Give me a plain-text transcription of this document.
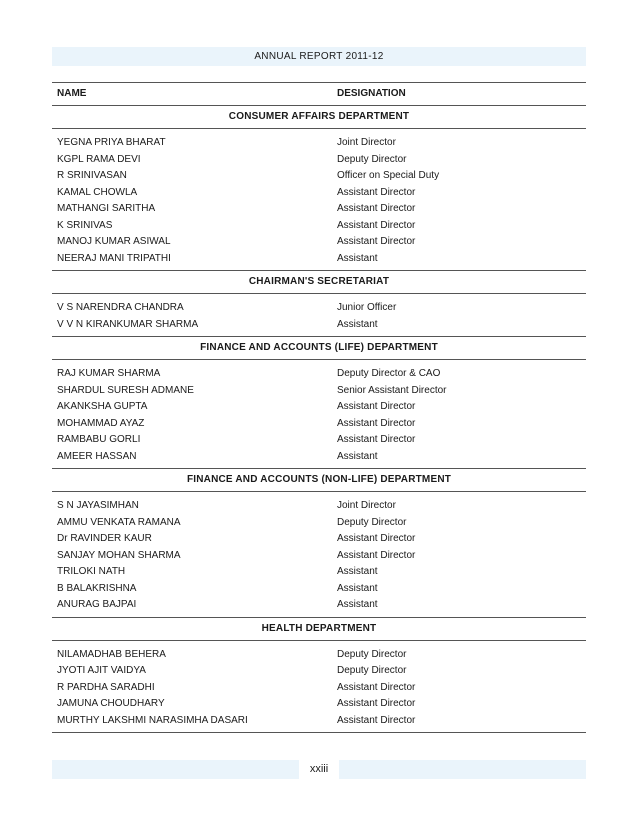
ANNUAL REPORT 2011-12
NAME	DESIGNATION
CONSUMER AFFAIRS DEPARTMENT
YEGNA PRIYA BHARAT	Joint Director
KGPL RAMA DEVI	Deputy Director
R SRINIVASAN	Officer on Special Duty
KAMAL CHOWLA	Assistant Director
MATHANGI SARITHA	Assistant Director
K SRINIVAS	Assistant Director
MANOJ KUMAR ASIWAL	Assistant Director
NEERAJ MANI TRIPATHI	Assistant
CHAIRMAN'S SECRETARIAT
V S NARENDRA CHANDRA	Junior Officer
V V N KIRANKUMAR SHARMA	Assistant
FINANCE AND ACCOUNTS (LIFE) DEPARTMENT
RAJ KUMAR SHARMA	Deputy Director & CAO
SHARDUL SURESH ADMANE	Senior Assistant Director
AKANKSHA GUPTA	Assistant Director
MOHAMMAD AYAZ	Assistant Director
RAMBABU GORLI	Assistant Director
AMEER HASSAN	Assistant
FINANCE AND ACCOUNTS (NON-LIFE) DEPARTMENT
S N JAYASIMHAN	Joint Director
AMMU VENKATA RAMANA	Deputy Director
Dr RAVINDER KAUR	Assistant Director
SANJAY MOHAN SHARMA	Assistant Director
TRILOKI NATH	Assistant
B BALAKRISHNA	Assistant
ANURAG BAJPAI	Assistant
HEALTH DEPARTMENT
NILAMADHAB BEHERA	Deputy Director
JYOTI AJIT VAIDYA	Deputy Director
R PARDHA SARADHI	Assistant Director
JAMUNA CHOUDHARY	Assistant Director
MURTHY LAKSHMI NARASIMHA DASARI	Assistant Director
xxiii
